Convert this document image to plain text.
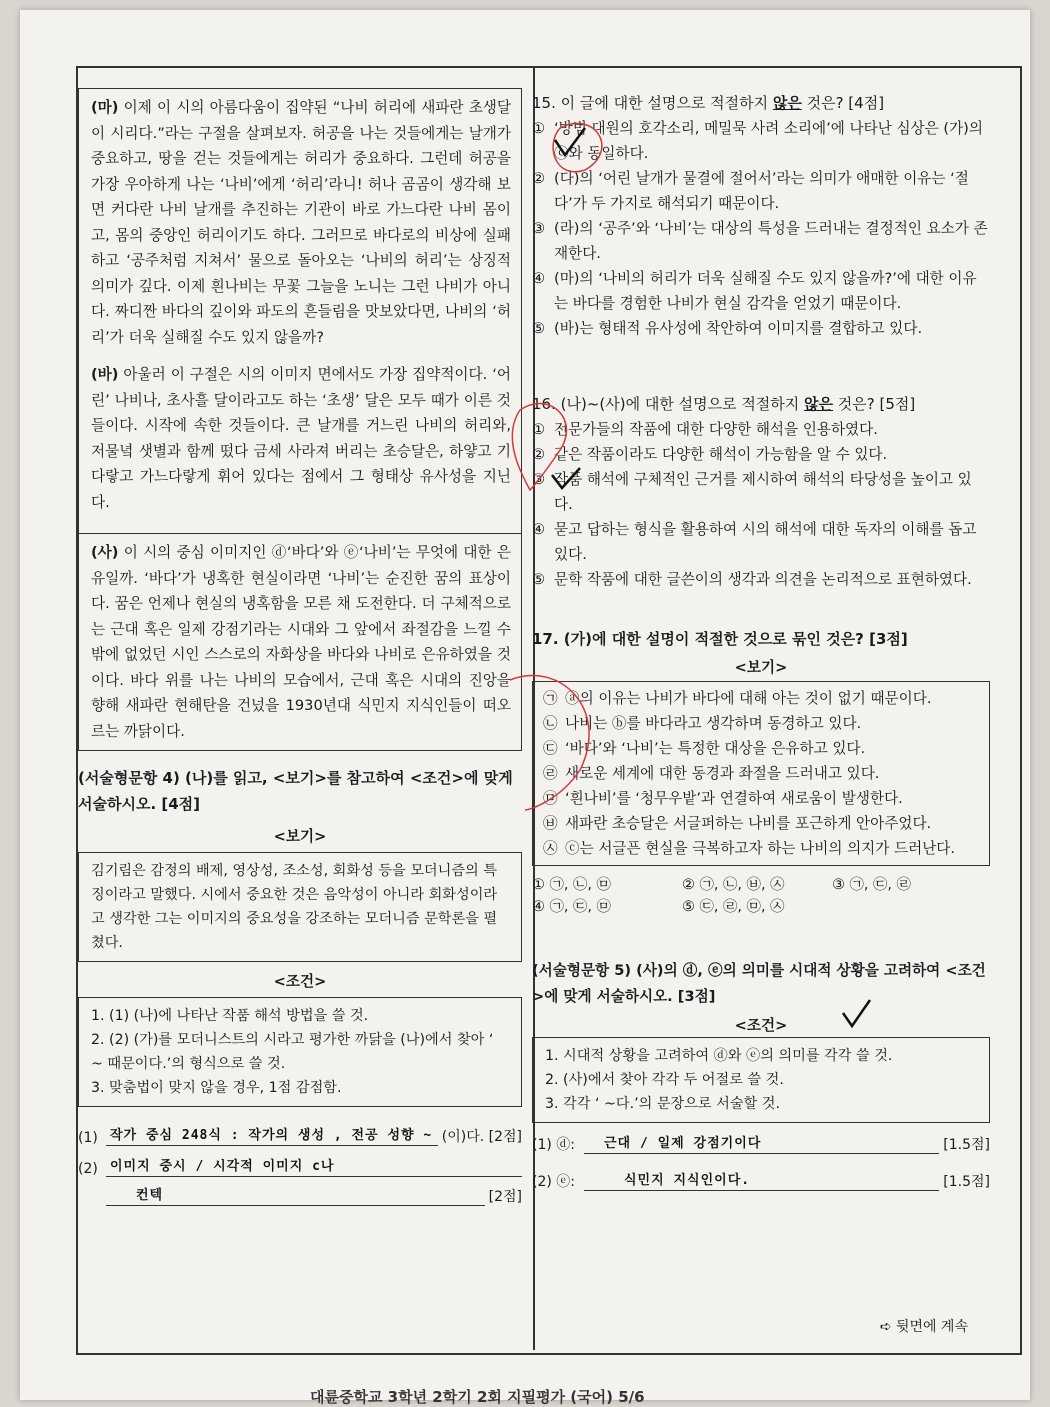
(마) 이제 이 시의 아름다움이 집약된 “나비 허리에 새파란 초생달이 시리다.”라는 구절을 살펴보자. 허공을 나는 것들에게는 날개가 중요하고, 땅을 걷는 것들에게는 허리가 중요하다. 그런데 허공을 가장 우아하게 나는 ‘나비’에게 ‘허리’라니! 허나 곰곰이 생각해 보면 커다란 나비 날개를 추진하는 기관이 바로 가느다란 나비 몸이고, 몸의 중앙인 허리이기도 하다. 그러므로 바다로의 비상에 실패하고 ‘공주처럼 지쳐서’ 물으로 돌아오는 ‘나비의 허리’는 상징적 의미가 깊다. 이제 흰나비는 무꽃 그늘을 노니는 그런 나비가 아니다. 짜디짠 바다의 깊이와 파도의 흔들림을 맛보았다면, 나비의 ‘허리’가 더욱 실해질 수도 있지 않을까?

(바) 아울러 이 구절은 시의 이미지 면에서도 가장 집약적이다. ‘어린’ 나비나, 초사흘 달이라고도 하는 ‘초생’ 달은 모두 때가 이른 것들이다. 시작에 속한 것들이다. 큰 날개를 거느린 나비의 허리와, 저물녘 샛별과 함께 떴다 금세 사라져 버리는 초승달은, 하얗고 기다랗고 가느다랗게 휘어 있다는 점에서 그 형태상 유사성을 지닌다.

(사) 이 시의 중심 이미지인 ⓓ‘바다’와 ⓔ‘나비’는 무엇에 대한 은유일까. ‘바다’가 냉혹한 현실이라면 ‘나비’는 순진한 꿈의 표상이다. 꿈은 언제나 현실의 냉혹함을 모른 채 도전한다. 더 구체적으로는 근대 혹은 일제 강점기라는 시대와 그 앞에서 좌절감을 느낄 수 밖에 없었던 시인 스스로의 자화상을 바다와 나비로 은유하였을 것이다. 바다 위를 나는 나비의 모습에서, 근대 혹은 시대의 진앙을 향해 새파란 현해탄을 건넜을 1930년대 식민지 지식인들이 떠오르는 까닭이다.

(서술형문항 4) (나)를 읽고, <보기>를 참고하여 <조건>에 맞게 서술하시오. [4점]

<보기>
김기림은 감정의 배제, 영상성, 조소성, 회화성 등을 모더니즘의 특징이라고 말했다. 시에서 중요한 것은 음악성이 아니라 회화성이라고 생각한 그는 이미지의 중요성을 강조하는 모더니즘 문학론을 펼쳤다.
<조건>
1. (1) (나)에 나타난 작품 해석 방법을 쓸 것.
2. (2) (가)를 모더니스트의 시라고 평가한 까닭을 (나)에서 찾아 ‘ ~ 때문이다.’의 형식으로 쓸 것.
3. 맞춤법이 맞지 않을 경우, 1점 감점함.
(1) 작가 중심 248식 : 작가의 생성 , 전공 성향 ~ (이)다. [2점]
(2) 이미지 중시 / 시각적 이미지 c나
컨텍	[2점]

15. 이 글에 대한 설명으로 적절하지 않은 것은? [4점]

① ‘방범 대원의 호각소리, 메밀묵 사려 소리에’에 나타난 심상은 (가)의 ⓒ와 동일하다.
② (다)의 ‘어린 날개가 물결에 절어서’라는 의미가 애매한 이유는 ‘절다’가 두 가지로 해석되기 때문이다.
③ (라)의 ‘공주’와 ‘나비’는 대상의 특성을 드러내는 결정적인 요소가 존재한다.
④ (마)의 ‘나비의 허리가 더욱 실해질 수도 있지 않을까?’에 대한 이유는 바다를 경험한 나비가 현실 감각을 얻었기 때문이다.
⑤ (바)는 형태적 유사성에 착안하여 이미지를 결합하고 있다.

16. (나)~(사)에 대한 설명으로 적절하지 않은 것은? [5점]

① 전문가들의 작품에 대한 다양한 해석을 인용하였다.
② 같은 작품이라도 다양한 해석이 가능함을 알 수 있다.
③ 작품 해석에 구체적인 근거를 제시하여 해석의 타당성을 높이고 있다.
④ 묻고 답하는 형식을 활용하여 시의 해석에 대한 독자의 이해를 돕고 있다.
⑤ 문학 작품에 대한 글쓴이의 생각과 의견을 논리적으로 표현하였다.

17. (가)에 대한 설명이 적절한 것으로 묶인 것은? [3점]

<보기>
㉠ ⓐ의 이유는 나비가 바다에 대해 아는 것이 없기 때문이다.
㉡ 나비는 ⓑ를 바다라고 생각하며 동경하고 있다.
㉢ ‘바다’와 ‘나비’는 특정한 대상을 은유하고 있다.
㉣ 새로운 세계에 대한 동경과 좌절을 드러내고 있다.
㉤ ‘흰나비’를 ‘청무우밭’과 연결하여 새로움이 발생한다.
㉥ 새파란 초승달은 서글퍼하는 나비를 포근하게 안아주었다.
㉦ ⓒ는 서글픈 현실을 극복하고자 하는 나비의 의지가 드러난다.
① ㉠, ㉡, ㉤	② ㉠, ㉡, ㉥, ㉦	③ ㉠, ㉢, ㉣
④ ㉠, ㉢, ㉤	⑤ ㉢, ㉣, ㉤, ㉦

(서술형문항 5) (사)의 ⓓ, ⓔ의 의미를 시대적 상황을 고려하여 <조건>에 맞게 서술하시오. [3점]

<조건>
1. 시대적 상황을 고려하여 ⓓ와 ⓔ의 의미를 각각 쓸 것.
2. (사)에서 찾아 각각 두 어절로 쓸 것.
3. 각각 ‘ ~다.’의 문장으로 서술할 것.
(1) ⓓ:	근대 / 일제 강점기이다	[1.5점]
(2) ⓔ:	식민지 지식인이다.	[1.5점]
➪ 뒷면에 계속
대륜중학교 3학년 2학기 2회 지필평가 (국어) 5/6
